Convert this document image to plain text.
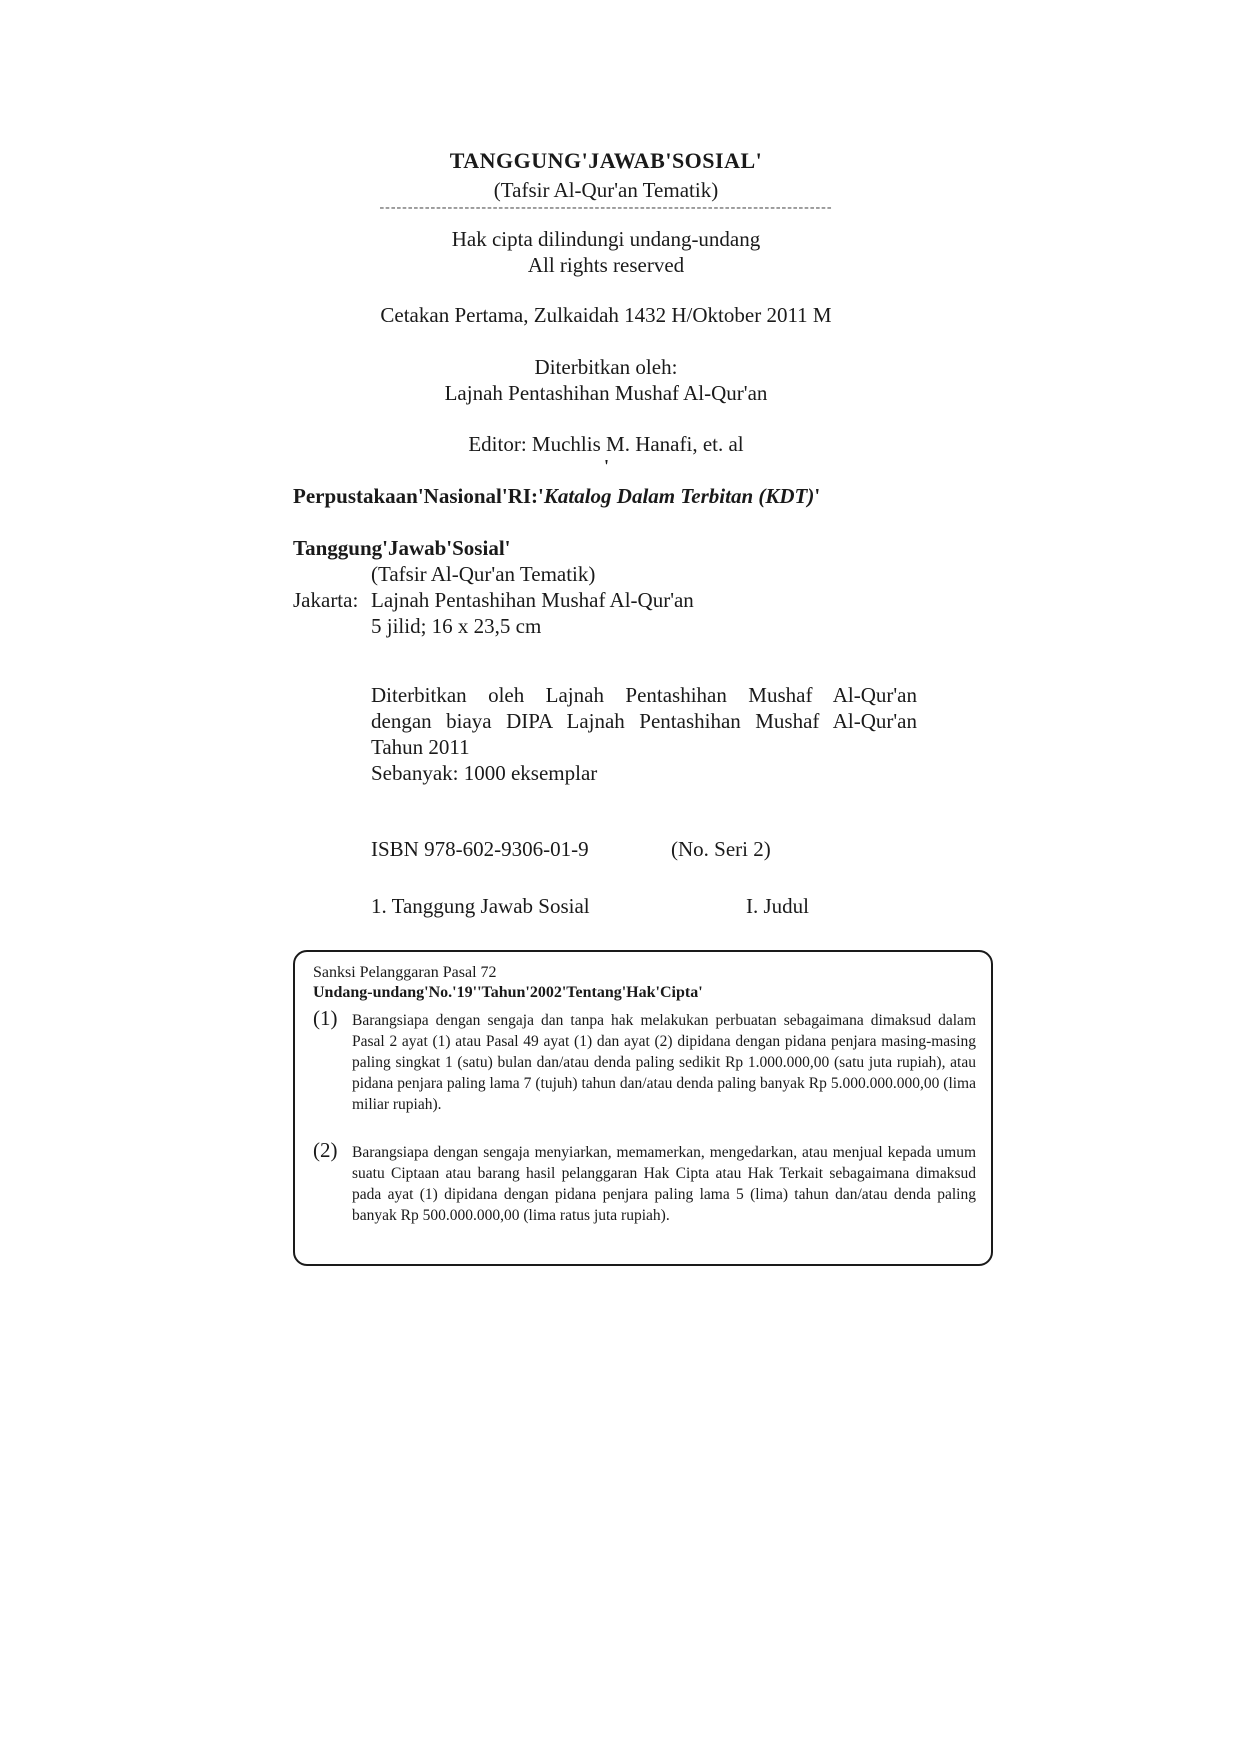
TANGGUNG'JAWAB'SOSIAL'
(Tafsir Al-Qur'an Tematik)
--------------------------------------------------------------------------------
Hak cipta dilindungi undang-undang
All rights reserved
Cetakan Pertama, Zulkaidah 1432 H/Oktober 2011 M
Diterbitkan oleh:
Lajnah Pentashihan Mushaf Al-Qur'an
Editor: Muchlis M. Hanafi, et. al
'
Perpustakaan'Nasional'RI:'Katalog Dalam Terbitan (KDT)'
Tanggung'Jawab'Sosial'
(Tafsir Al-Qur'an Tematik)
Jakarta: Lajnah Pentashihan Mushaf Al-Qur'an
5 jilid; 16 x 23,5 cm
Diterbitkan oleh Lajnah Pentashihan Mushaf Al-Qur'an
dengan biaya DIPA Lajnah Pentashihan Mushaf Al-Qur'an
Tahun 2011
Sebanyak: 1000 eksemplar
ISBN 978-602-9306-01-9	(No. Seri 2)
1. Tanggung Jawab Sosial	I. Judul
Sanksi Pelanggaran Pasal 72
Undang-undang'No.'19''Tahun'2002'Tentang'Hak'Cipta'
(1) Barangsiapa dengan sengaja dan tanpa hak melakukan perbuatan sebagaimana dimaksud dalam Pasal 2 ayat (1) atau Pasal 49 ayat (1) dan ayat (2) dipidana dengan pidana penjara masing-masing paling singkat 1 (satu) bulan dan/atau denda paling sedikit Rp 1.000.000,00 (satu juta rupiah), atau pidana penjara paling lama 7 (tujuh) tahun dan/atau denda paling banyak Rp 5.000.000.000,00 (lima miliar rupiah).
(2) Barangsiapa dengan sengaja menyiarkan, memamerkan, mengedarkan, atau menjual kepada umum suatu Ciptaan atau barang hasil pelanggaran Hak Cipta atau Hak Terkait sebagaimana dimaksud pada ayat (1) dipidana dengan pidana penjara paling lama 5 (lima) tahun dan/atau denda paling banyak Rp 500.000.000,00 (lima ratus juta rupiah).
